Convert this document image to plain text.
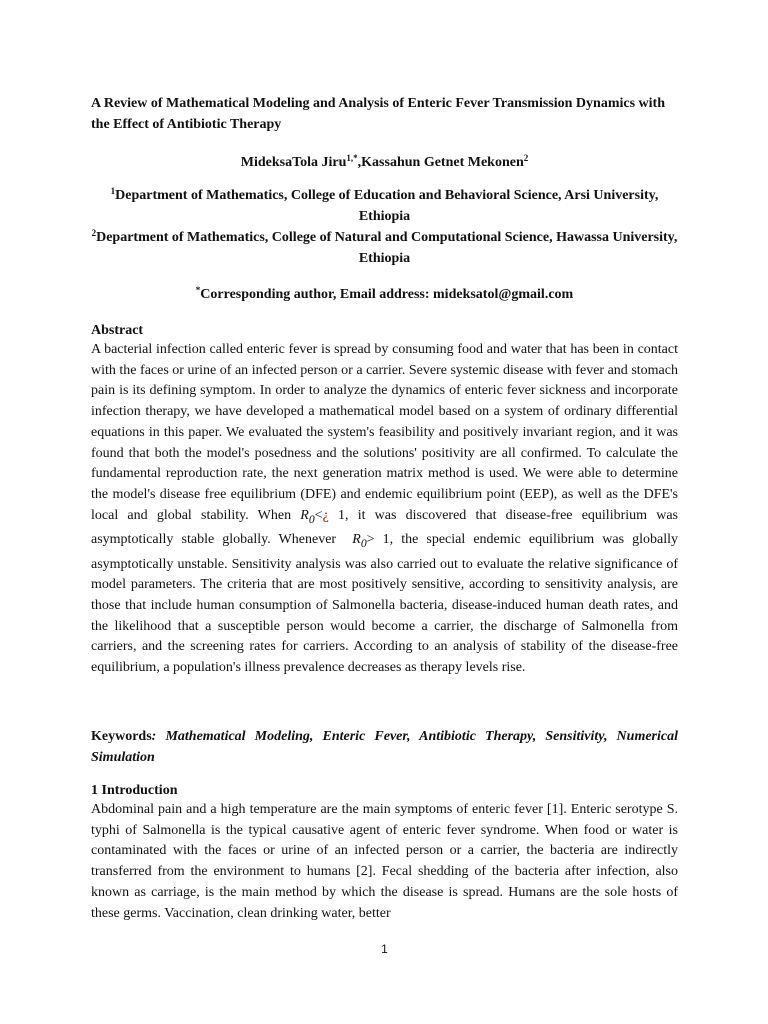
A Review of Mathematical Modeling and Analysis of Enteric Fever Transmission Dynamics with the Effect of Antibiotic Therapy
MideksaTola Jiru$^{1,*}$,Kassahun Getnet Mekonen$^2$
$^1$Department of Mathematics, College of Education and Behavioral Science, Arsi University, Ethiopia
$^2$Department of Mathematics, College of Natural and Computational Science, Hawassa University, Ethiopia
*Corresponding author, Email address: mideksatol@gmail.com
Abstract
A bacterial infection called enteric fever is spread by consuming food and water that has been in contact with the faces or urine of an infected person or a carrier. Severe systemic disease with fever and stomach pain is its defining symptom. In order to analyze the dynamics of enteric fever sickness and incorporate infection therapy, we have developed a mathematical model based on a system of ordinary differential equations in this paper. We evaluated the system's feasibility and positively invariant region, and it was found that both the model's posedness and the solutions' positivity are all confirmed. To calculate the fundamental reproduction rate, the next generation matrix method is used. We were able to determine the model's disease free equilibrium (DFE) and endemic equilibrium point (EEP), as well as the DFE's local and global stability. When $R_0<¿$ 1, it was discovered that disease-free equilibrium was asymptotically stable globally. Whenever  $R_0> 1$, the special endemic equilibrium was globally asymptotically unstable. Sensitivity analysis was also carried out to evaluate the relative significance of model parameters. The criteria that are most positively sensitive, according to sensitivity analysis, are those that include human consumption of Salmonella bacteria, disease-induced human death rates, and the likelihood that a susceptible person would become a carrier, the discharge of Salmonella from carriers, and the screening rates for carriers. According to an analysis of stability of the disease-free equilibrium, a population's illness prevalence decreases as therapy levels rise.
Keywords: Mathematical Modeling, Enteric Fever, Antibiotic Therapy, Sensitivity, Numerical Simulation
1 Introduction
Abdominal pain and a high temperature are the main symptoms of enteric fever [1]. Enteric serotype S. typhi of Salmonella is the typical causative agent of enteric fever syndrome. When food or water is contaminated with the faces or urine of an infected person or a carrier, the bacteria are indirectly transferred from the environment to humans [2]. Fecal shedding of the bacteria after infection, also known as carriage, is the main method by which the disease is spread. Humans are the sole hosts of these germs. Vaccination, clean drinking water, better
1
